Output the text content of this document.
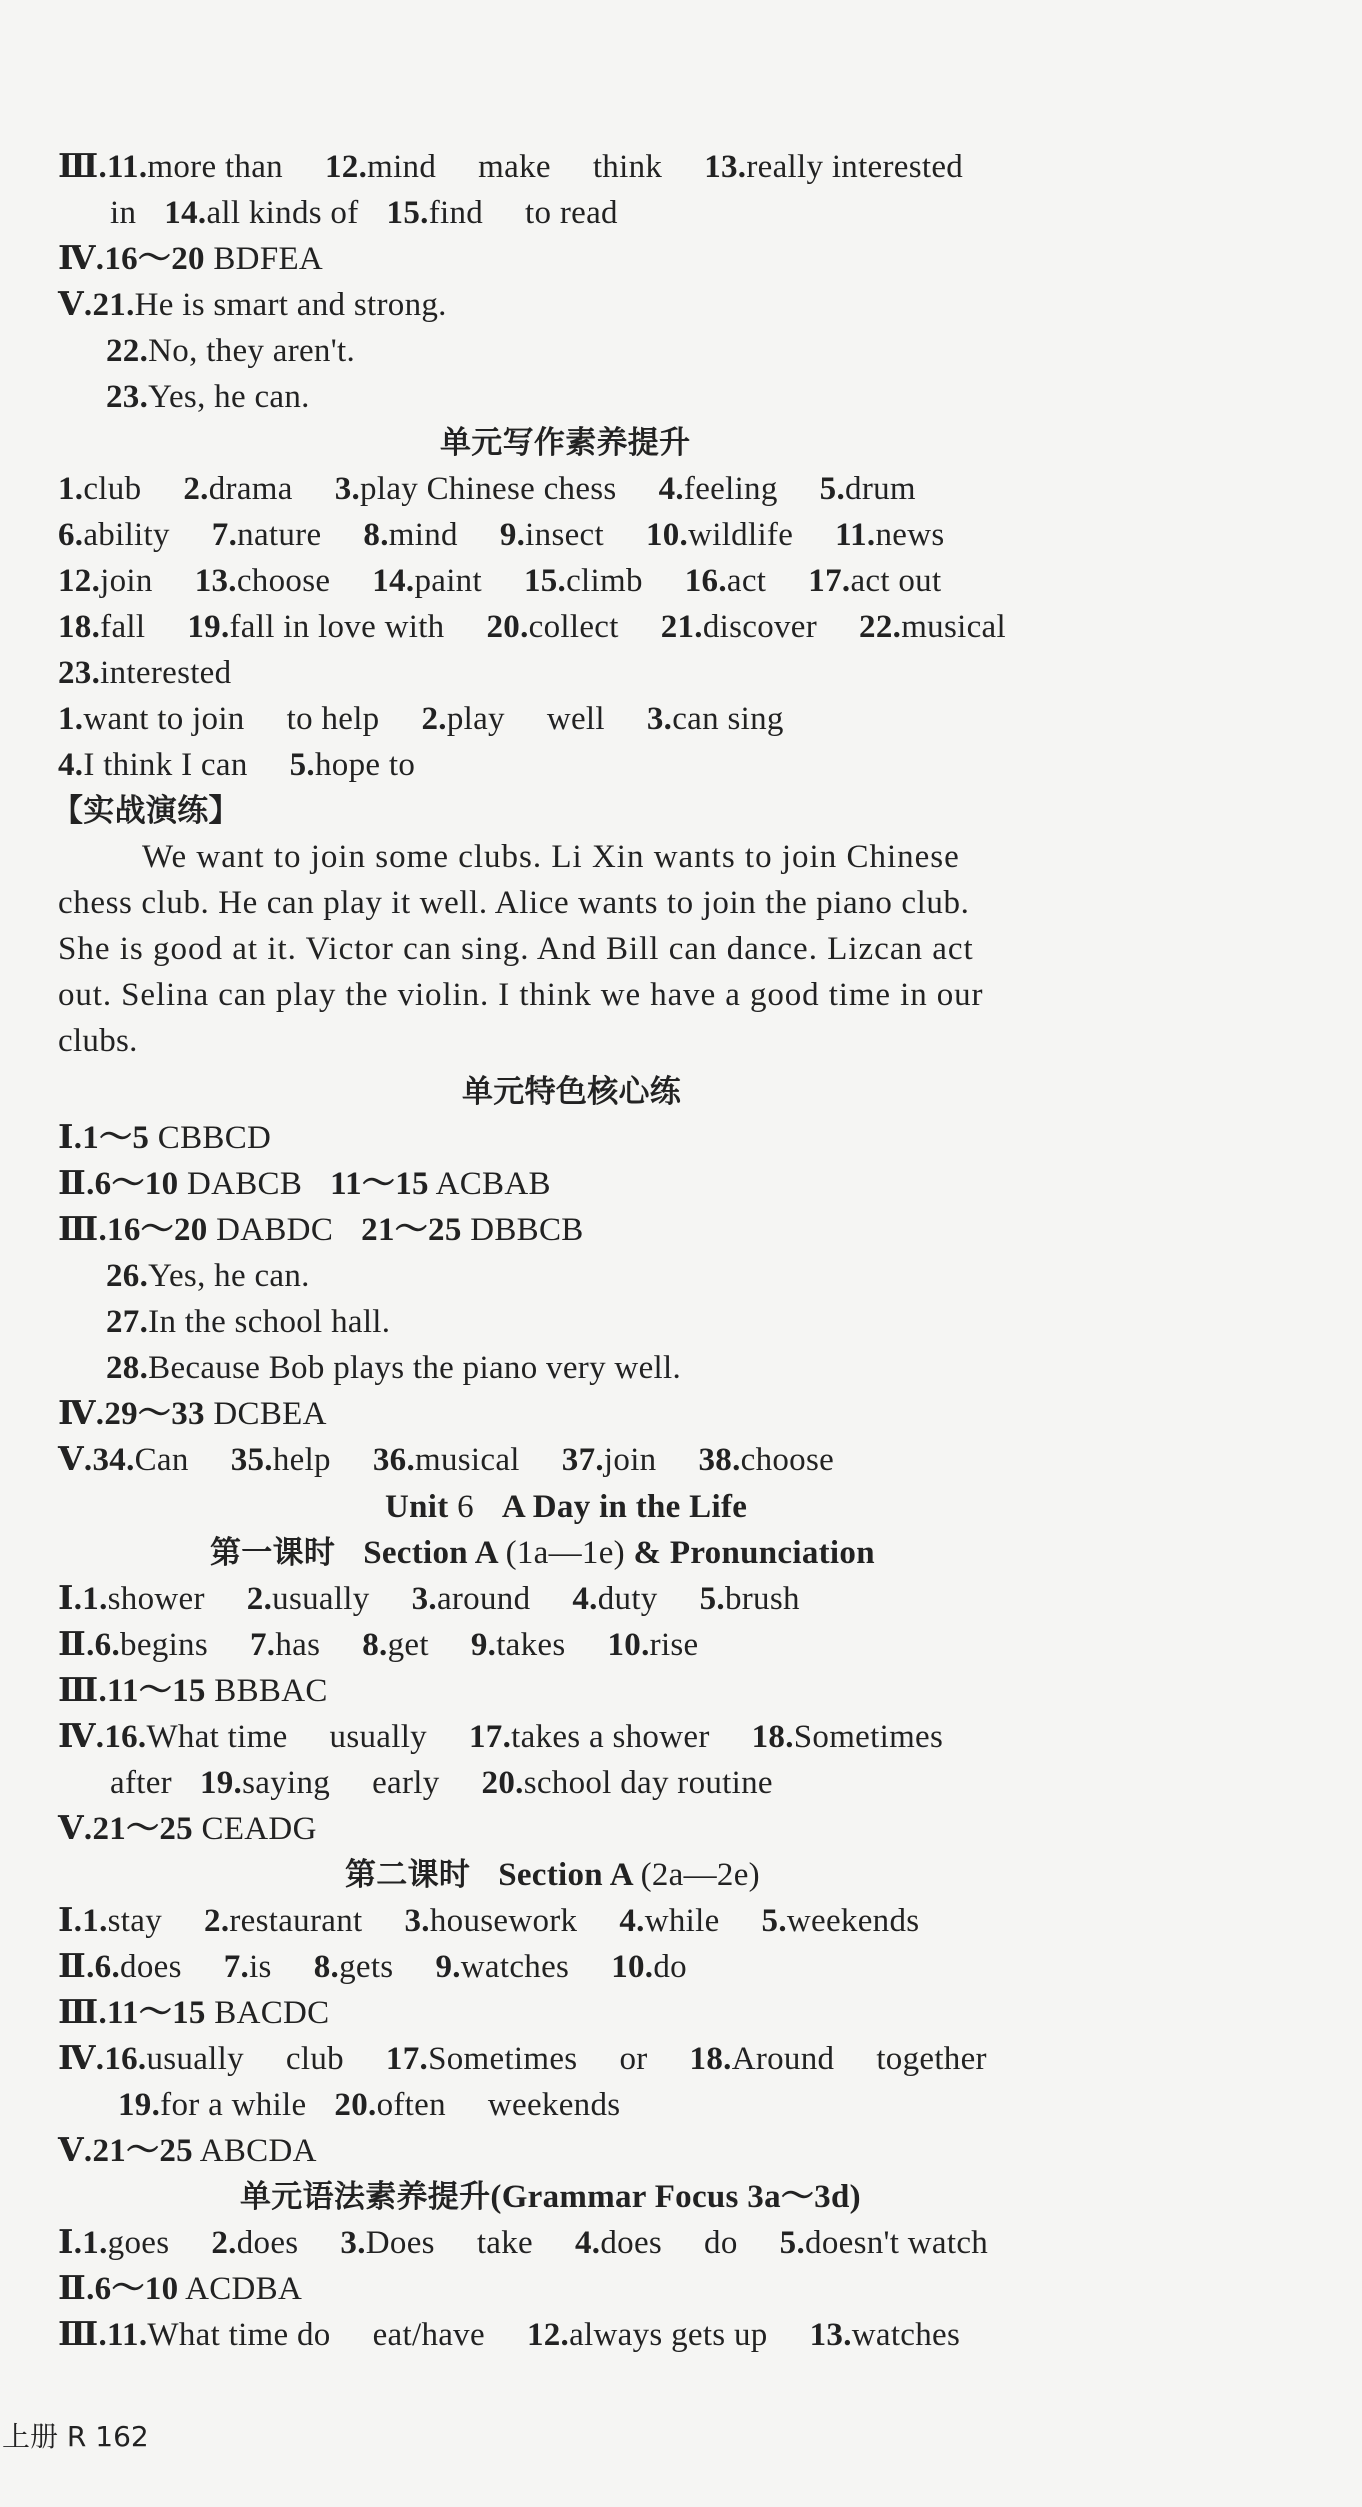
Ⅲ.11.more than 12.mind make think 13.really interested
in 14.all kinds of 15.find to read
Ⅳ.16～20 BDFEA
Ⅴ.21.He is smart and strong.
22.No, they aren't.
23.Yes, he can.
单元写作素养提升
1.club 2.drama 3.play Chinese chess 4.feeling 5.drum
6.ability 7.nature 8.mind 9.insect 10.wildlife 11.news
12.join 13.choose 14.paint 15.climb 16.act 17.act out
18.fall 19.fall in love with 20.collect 21.discover 22.musical
23.interested
1.want to join to help 2.play well 3.can sing
4.I think I can 5.hope to
【实战演练】
We want to join some clubs. Li Xin wants to join Chinese
chess club. He can play it well. Alice wants to join the piano club.
She is good at it. Victor can sing. And Bill can dance. Lizcan act
out. Selina can play the violin. I think we have a good time in our
clubs.
单元特色核心练
Ⅰ.1～5 CBBCD
Ⅱ.6～10 DABCB 11～15 ACBAB
Ⅲ.16～20 DABDC 21～25 DBBCB
26.Yes, he can.
27.In the school hall.
28.Because Bob plays the piano very well.
Ⅳ.29～33 DCBEA
Ⅴ.34.Can 35.help 36.musical 37.join 38.choose
Unit 6 A Day in the Life
第一课时 Section A (1a—1e) & Pronunciation
Ⅰ.1.shower 2.usually 3.around 4.duty 5.brush
Ⅱ.6.begins 7.has 8.get 9.takes 10.rise
Ⅲ.11～15 BBBAC
Ⅳ.16.What time usually 17.takes a shower 18.Sometimes
after 19.saying early 20.school day routine
Ⅴ.21～25 CEADG
第二课时 Section A (2a—2e)
Ⅰ.1.stay 2.restaurant 3.housework 4.while 5.weekends
Ⅱ.6.does 7.is 8.gets 9.watches 10.do
Ⅲ.11～15 BACDC
Ⅳ.16.usually club 17.Sometimes or 18.Around together
19.for a while 20.often weekends
Ⅴ.21～25 ABCDA
单元语法素养提升(Grammar Focus 3a～3d)
Ⅰ.1.goes 2.does 3.Does take 4.does do 5.doesn't watch
Ⅱ.6～10 ACDBA
Ⅲ.11.What time do eat/have 12.always gets up 13.watches
上册 R 162
